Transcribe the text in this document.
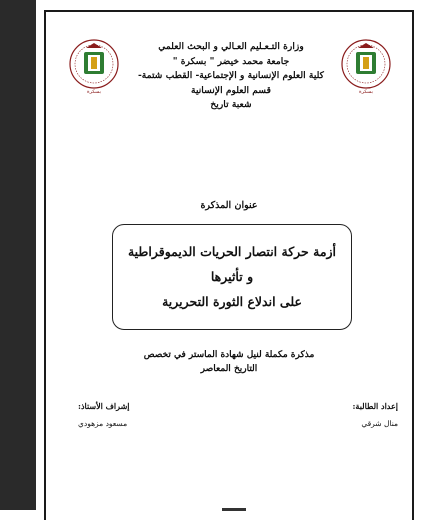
بسكرة	بسكرة
وزارة التـعـليم العـالي و البحث العلمي
جامعة محمد خيضر " بسكرة "
كلية العلوم الإنسانية و الإجتماعية- القطب شتمة-
قسم العلوم الإنسانية
شعبة تاريخ
عنوان المذكرة
أزمة حركة انتصار الحريات الديموقراطية
و تأثيرها
على اندلاع الثورة التحريرية
مذكرة مكملة لنيل شهادة الماستر في تخصص
التاريخ المعاصر
إعداد الطالبة:
منال شرقي
إشراف الأستاذ:
مسعود مزهودي
